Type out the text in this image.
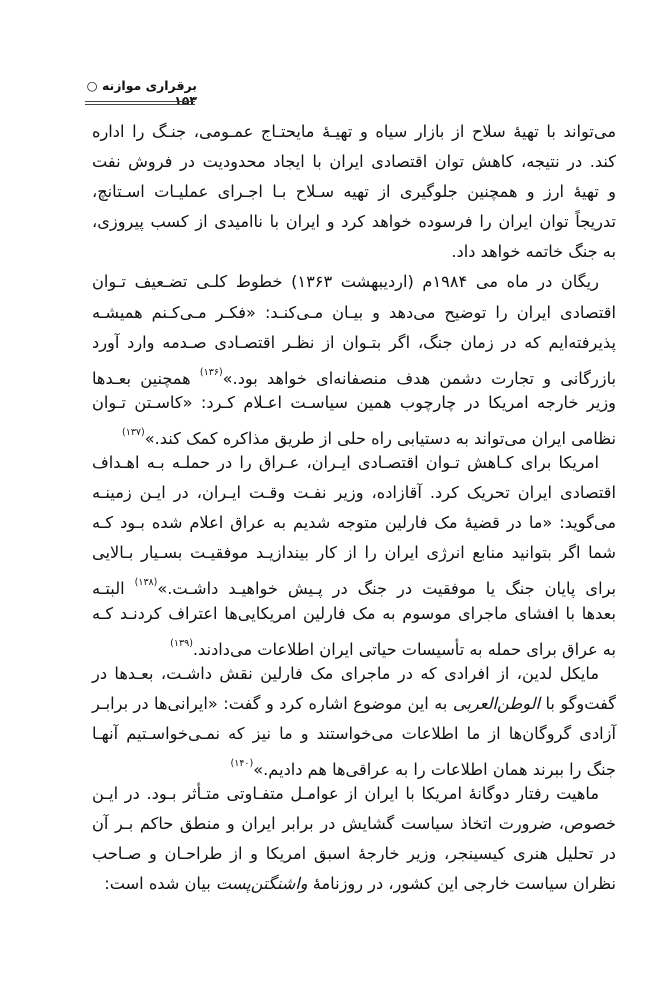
برقراری موازنه ○ ۱۵۳
می‌تواند با تهیهٔ سلاح از بازار سیاه و تهیـهٔ مایحتـاج عمـومی، جنـگ را اداره
کند. در نتیجه، کاهش توان اقتصادی ایران با ایجاد محدودیت در فروش نفت
و تهیهٔ ارز و همچنین جلوگیری از تهیه سـلاح بـا اجـرای عملیـات اسـتانچ،
تدریجاً توان ایران را فرسوده خواهد کرد و ایران با ناامیدی از کسب پیروزی،
به جنگ خاتمه خواهد داد.
ریگان در ماه می ۱۹۸۴م (اردیبهشت ۱۳۶۳) خطوط کلـی تضـعیف تـوان
اقتصادی ایران را توضیح می‌دهد و بیـان مـی‌کنـد: «فکـر مـی‌کـنم همیشـه
پذیرفته‌ایم که در زمان جنگ، اگر بتـوان از نظـر اقتصـادی صـدمه وارد آورد
بازرگانی و تجارت دشمن هدف منصفانه‌ای خواهد بود.»$^{(۱۳۶)}$ همچنین بعـدها
وزیر خارجه امریکا در چارچوب همین سیاسـت اعـلام کـرد: «کاسـتن تـوان
نظامی ایران می‌تواند به دستیابی راه حلی از طریق مذاکره کمک کند.»$^{(۱۳۷)}$
امریکا برای کـاهش تـوان اقتصـادی ایـران، عـراق را در حملـه بـه اهـداف
اقتصادی ایران تحریک کرد. آقازاده، وزیر نفـت وقـت ایـران، در ایـن زمینـه
می‌گوید: «ما در قضیهٔ مک فارلین متوجه شدیم به عراق اعلام شده بـود کـه
شما اگر بتوانید منابع انرژی ایران را از کار بیندازیـد موفقیـت بسـیار بـالایی
برای پایان جنگ یا موفقیت در جنگ در پـیش خواهیـد داشـت.»$^{(۱۳۸)}$ البتـه
بعدها با افشای ماجرای موسوم به مک فارلین امریکایی‌ها اعتراف کردنـد کـه
به عراق برای حمله به تأسیسات حیاتی ایران اطلاعات می‌دادند.$^{(۱۳۹)}$
مایکل لدین، از افرادی که در ماجرای مک فارلین نقش داشـت، بعـدها در
گفت‌وگو با الوطن‌العربی به این موضوع اشاره کرد و گفت: «ایرانی‌ها در برابـر
آزادی گروگان‌ها از ما اطلاعات می‌خواستند و ما نیز که نمـی‌خواسـتیم آنهـا
جنگ را ببرند همان اطلاعات را به عراقی‌ها هم دادیم.»$^{(۱۴۰)}$
ماهیت رفتار دوگانهٔ امریکا با ایران از عوامـل متفـاوتی متـأثر بـود. در ایـن
خصوص، ضرورت اتخاذ سیاست گشایش در برابر ایران و منطق حاکم بـر آن
در تحلیل هنری کیسینجر، وزیر خارجهٔ اسبق امریکا و از طراحـان و صـاحب
نظران سیاست خارجی این کشور، در روزنامهٔ واشنگتن‌پست بیان شده است:
